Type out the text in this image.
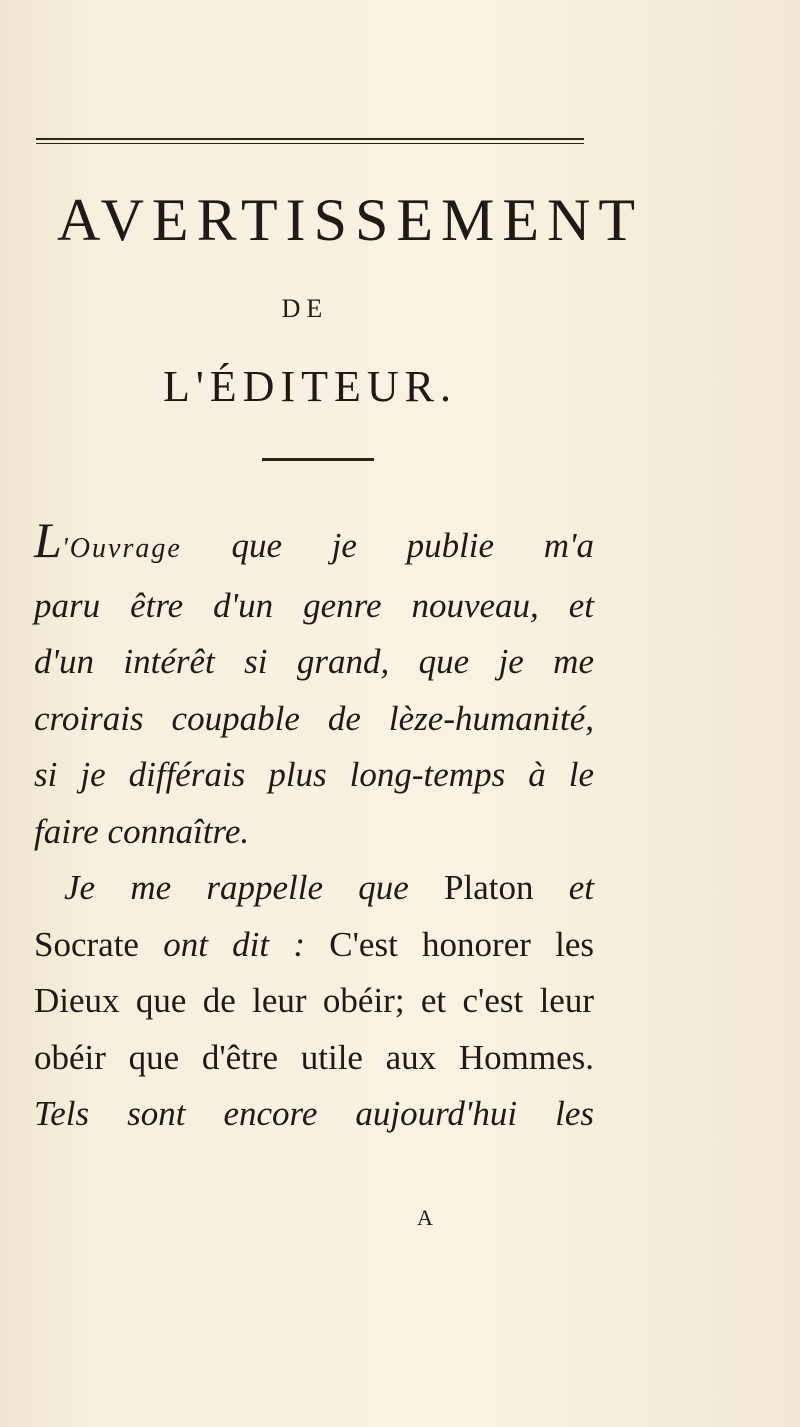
AVERTISSEMENT
DE
L'ÉDITEUR.
L'Ouvrage que je publie m'a
paru être d'un genre nouveau, et
d'un intérêt si grand, que je me
croirais coupable de lèze-humanité,
si je différais plus long-temps à le
faire connaître.
Je me rappelle que Platon et
Socrate ont dit : C'est honorer les
Dieux que de leur obéir; et c'est leur
obéir que d'être utile aux Hommes.
Tels sont encore aujourd'hui les
A
